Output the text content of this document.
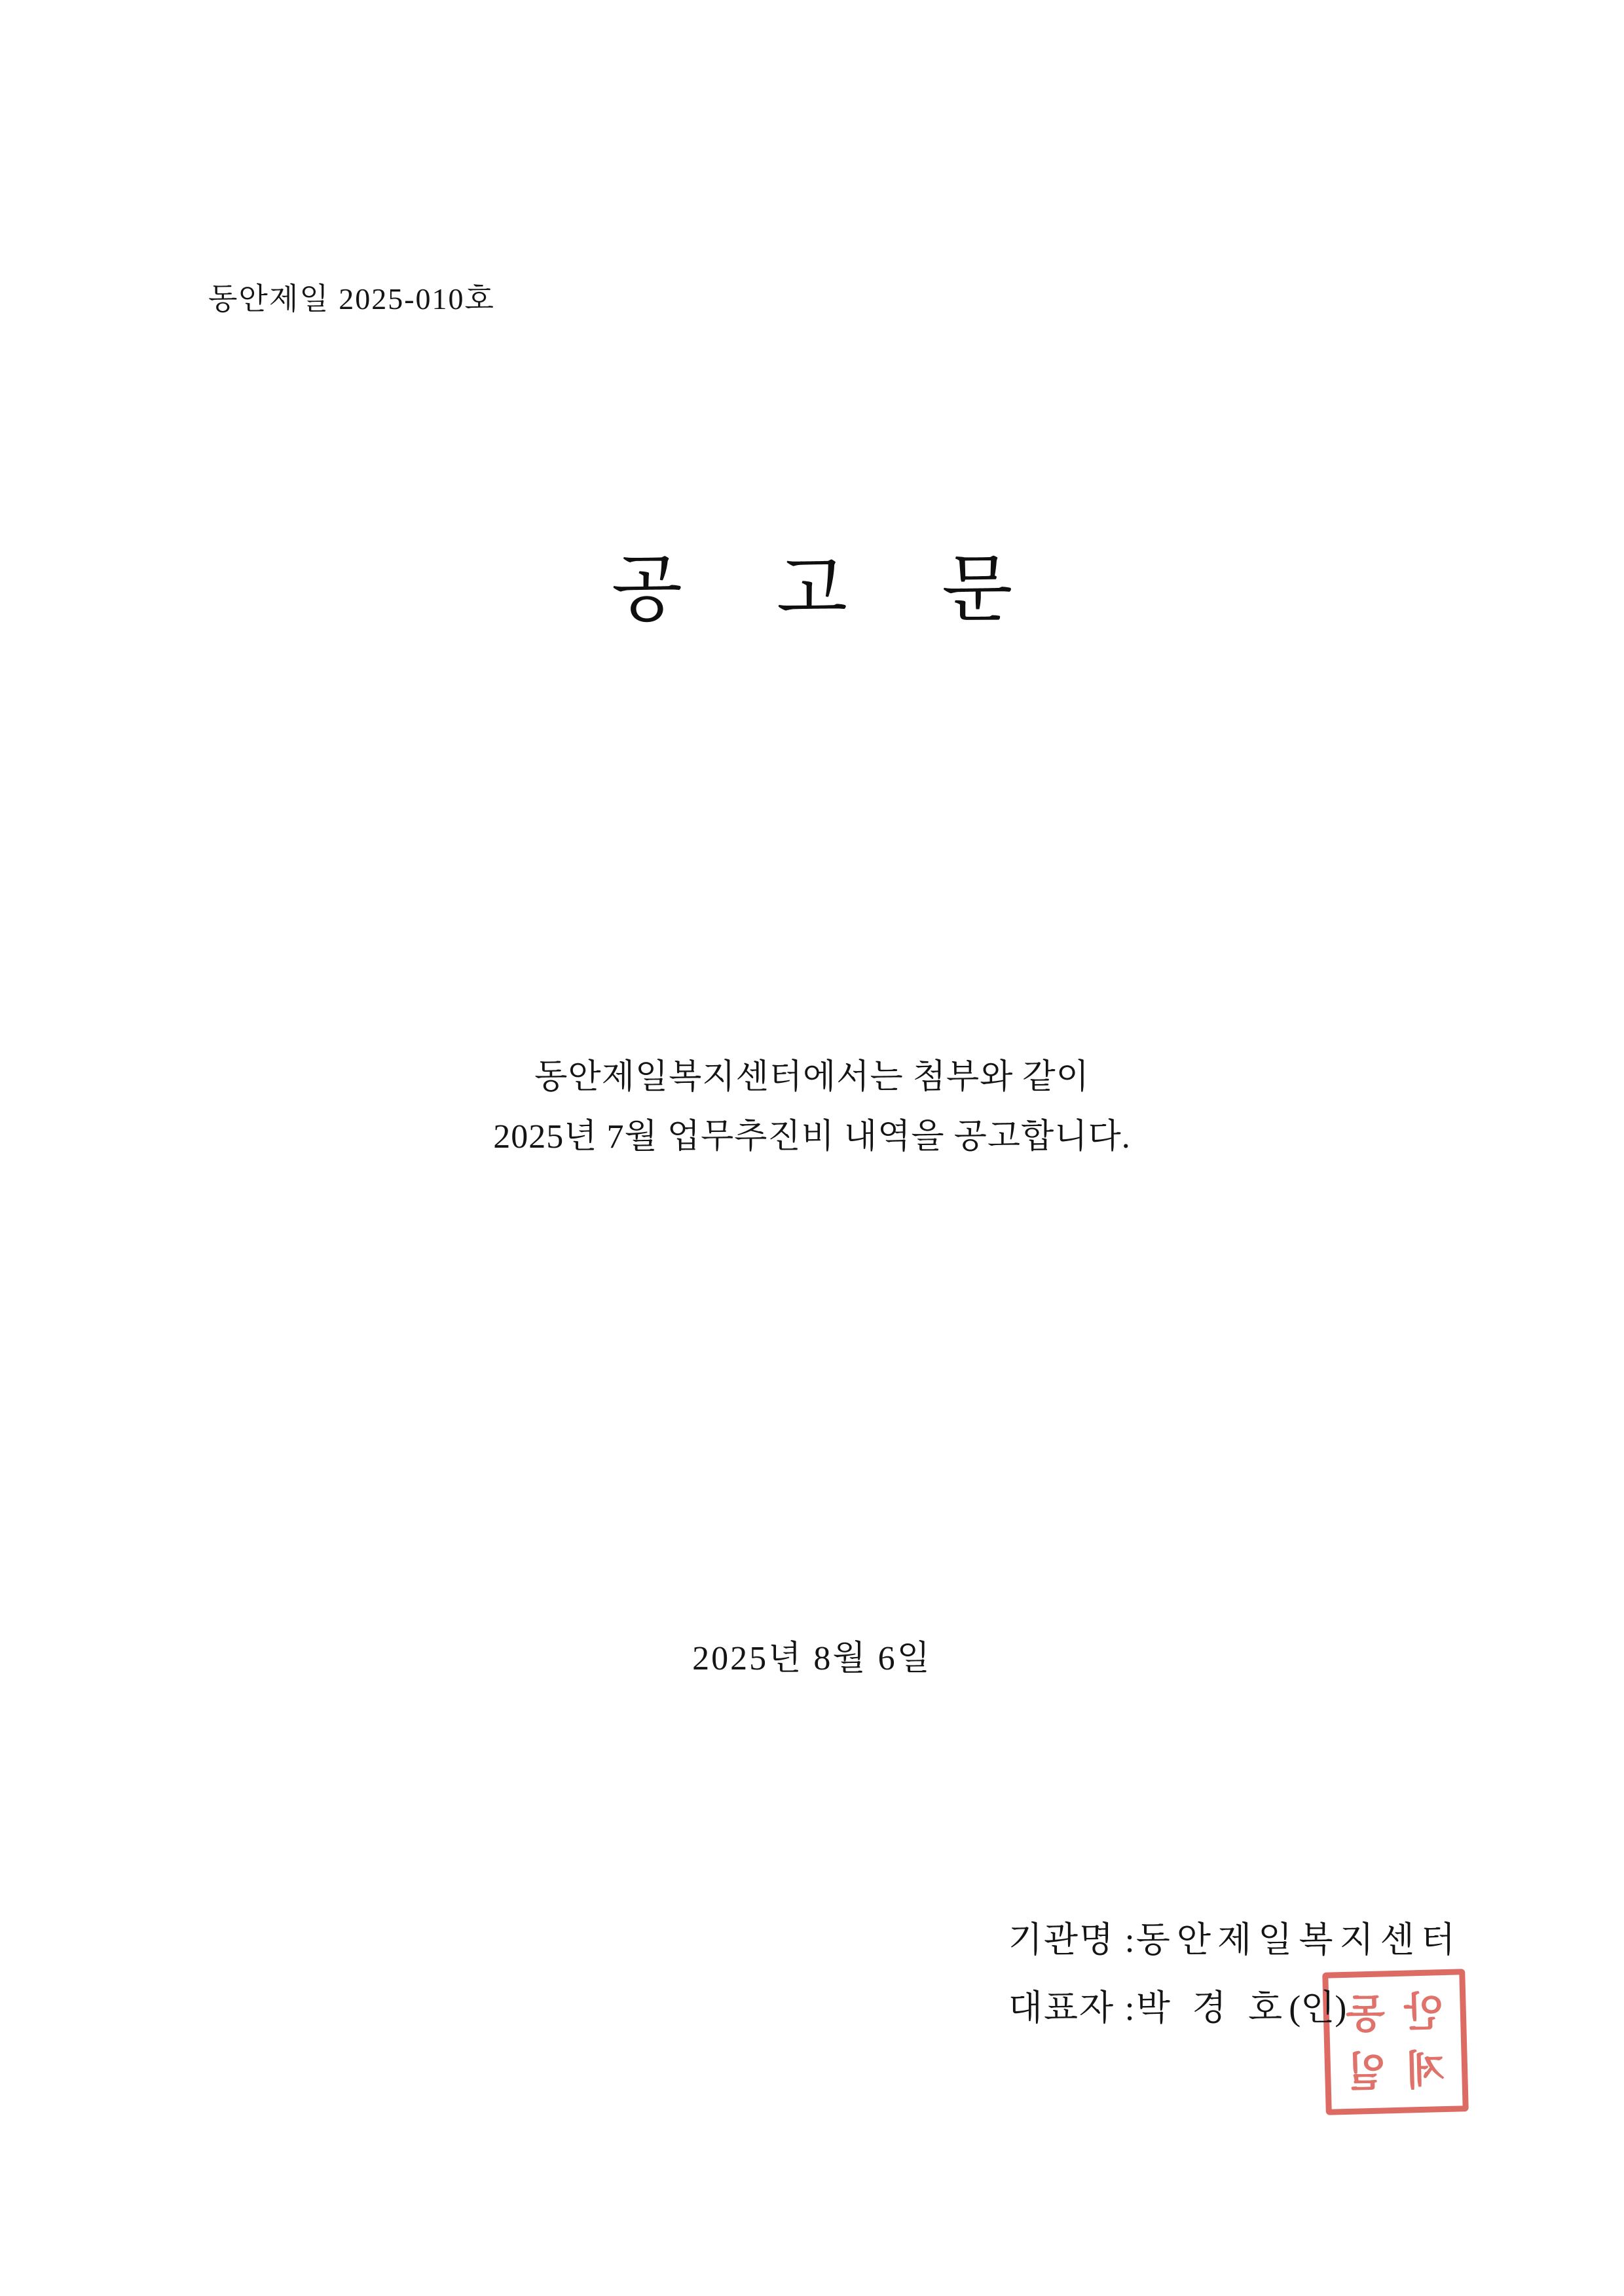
동안제일 2025-010호
공 고 문
동안제일복지센터에서는 첨부와 같이
2025년 7월 업무추진비 내역을 공고합니다.
2025년 8월 6일
기관명 :동안제일복지센터
대표자 :박 경 호(인)
동 안
일 제
